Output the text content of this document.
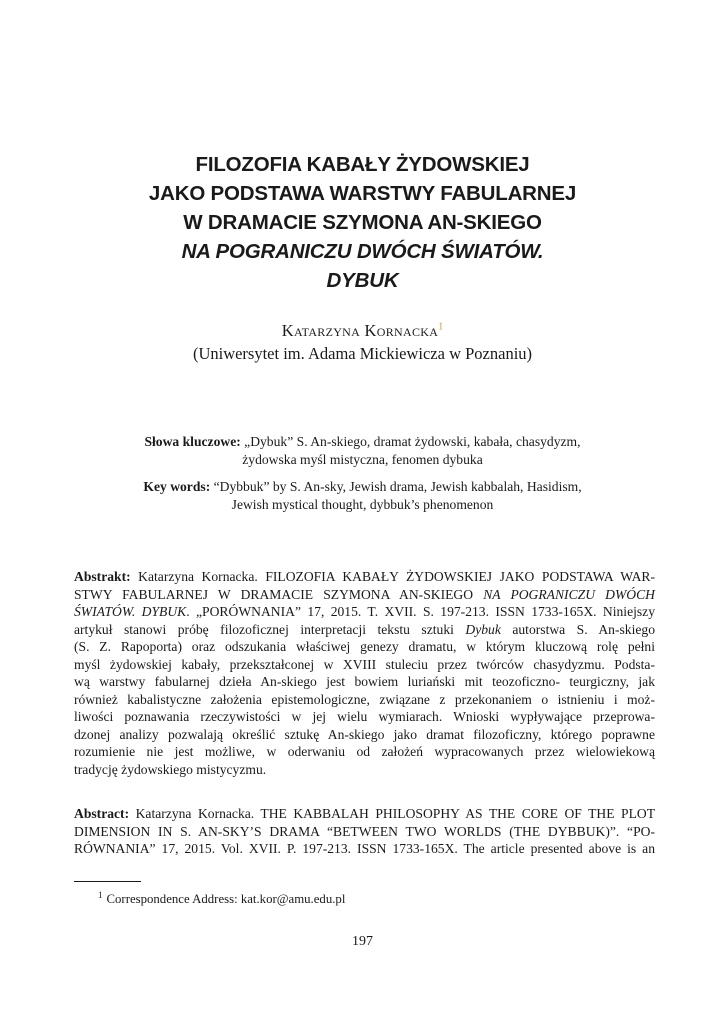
FILOZOFIA KABAŁY ŻYDOWSKIEJ
JAKO PODSTAWA WARSTWY FABULARNEJ
W DRAMACIE SZYMONA AN-SKIEGO
NA POGRANICZU DWÓCH ŚWIATÓW.
DYBUK
Katarzyna Kornacka$^1$
(Uniwersytet im. Adama Mickiewicza w Poznaniu)
Słowa kluczowe: „Dybuk” S. An-skiego, dramat żydowski, kabała, chasydyzm,
żydowska myśl mistyczna, fenomen dybuka
Key words: “Dybbuk” by S. An-sky, Jewish drama, Jewish kabbalah, Hasidism,
Jewish mystical thought, dybbuk’s phenomenon
Abstrakt: Katarzyna Kornacka. FILOZOFIA KABAŁY ŻYDOWSKIEJ JAKO PODSTAWA WAR-
STWY FABULARNEJ W DRAMACIE SZYMONA AN-SKIEGO NA POGRANICZU DWÓCH
ŚWIATÓW. DYBUK. „PORÓWNANIA” 17, 2015. T. XVII. S. 197-213. ISSN 1733-165X. Niniejszy
artykuł stanowi próbę filozoficznej interpretacji tekstu sztuki Dybuk autorstwa S. An-skiego
(S. Z. Rapoporta) oraz odszukania właściwej genezy dramatu, w którym kluczową rolę pełni
myśl żydowskiej kabały, przekształconej w XVIII stuleciu przez twórców chasydyzmu. Podsta-
wą warstwy fabularnej dzieła An-skiego jest bowiem luriański mit teozoficzno- teurgiczny, jak
również kabalistyczne założenia epistemologiczne, związane z przekonaniem o istnieniu i moż-
liwości poznawania rzeczywistości w jej wielu wymiarach. Wnioski wypływające przeprowa-
dzonej analizy pozwalają określić sztukę An-skiego jako dramat filozoficzny, którego poprawne
rozumienie nie jest możliwe, w oderwaniu od założeń wypracowanych przez wielowiekową
tradycję żydowskiego mistycyzmu.
Abstract: Katarzyna Kornacka. THE KABBALAH PHILOSOPHY AS THE CORE OF THE PLOT
DIMENSION IN S. AN-SKY’S DRAMA “BETWEEN TWO WORLDS (THE DYBBUK)”. “PO-
RÓWNANIA” 17, 2015. Vol. XVII. P. 197-213. ISSN 1733-165X. The article presented above is an
$^1$ Correspondence Address: kat.kor@amu.edu.pl
197
